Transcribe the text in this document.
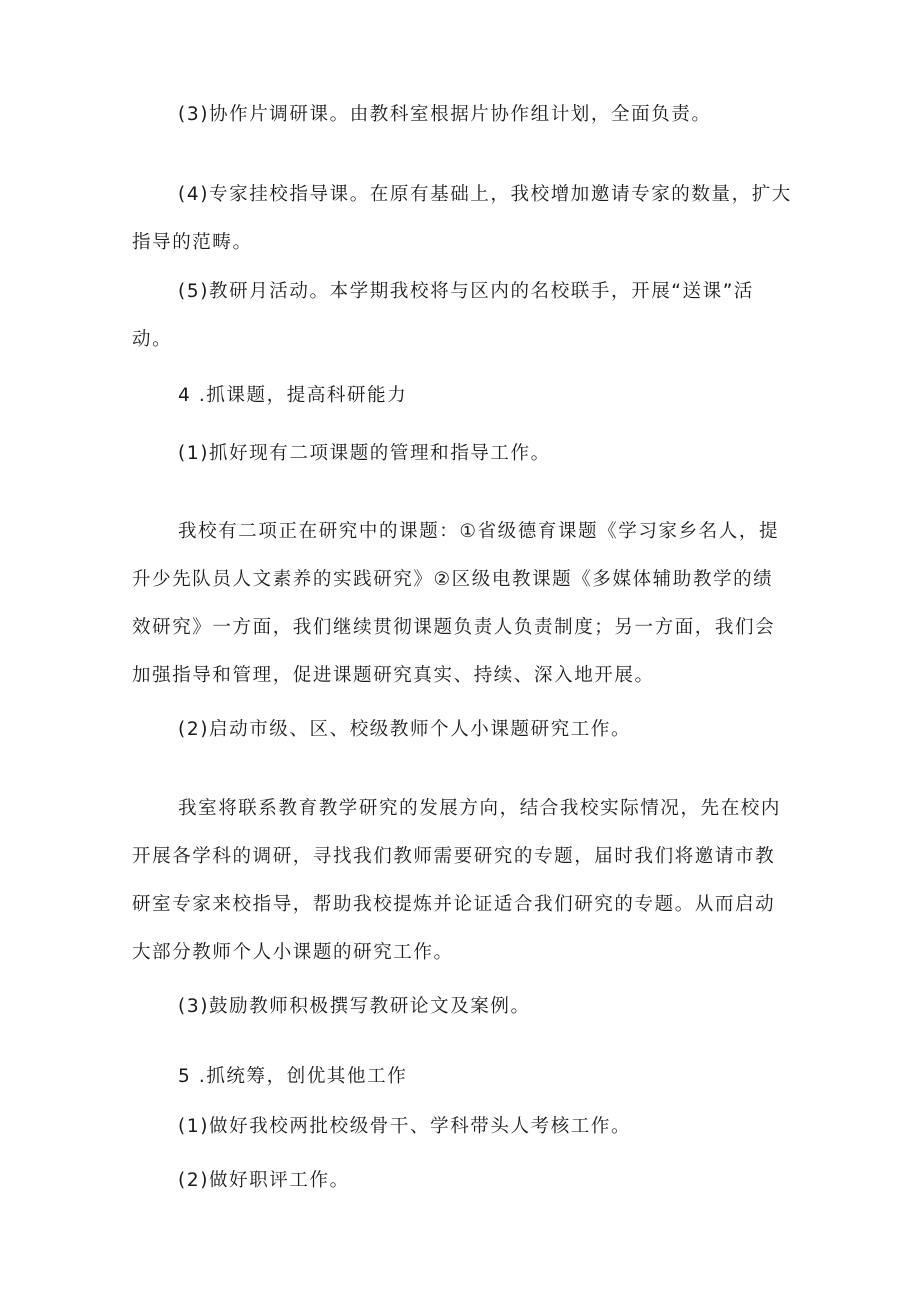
(3)协作片调研课。由教科室根据片协作组计划，全面负责。

(4)专家挂校指导课。在原有基础上，我校增加邀请专家的数量，扩大指导的范畴。

(5)教研月活动。本学期我校将与区内的名校联手，开展“送课”活动。

4 .抓课题，提高科研能力

(1)抓好现有二项课题的管理和指导工作。

我校有二项正在研究中的课题：①省级德育课题《学习家乡名人，提升少先队员人文素养的实践研究》②区级电教课题《多媒体辅助教学的绩效研究》一方面，我们继续贯彻课题负责人负责制度；另一方面，我们会加强指导和管理，促进课题研究真实、持续、深入地开展。

(2)启动市级、区、校级教师个人小课题研究工作。

我室将联系教育教学研究的发展方向，结合我校实际情况，先在校内开展各学科的调研，寻找我们教师需要研究的专题，届时我们将邀请市教研室专家来校指导，帮助我校提炼并论证适合我们研究的专题。从而启动大部分教师个人小课题的研究工作。

(3)鼓励教师积极撰写教研论文及案例。

5 .抓统筹，创优其他工作

(1)做好我校两批校级骨干、学科带头人考核工作。

(2)做好职评工作。
